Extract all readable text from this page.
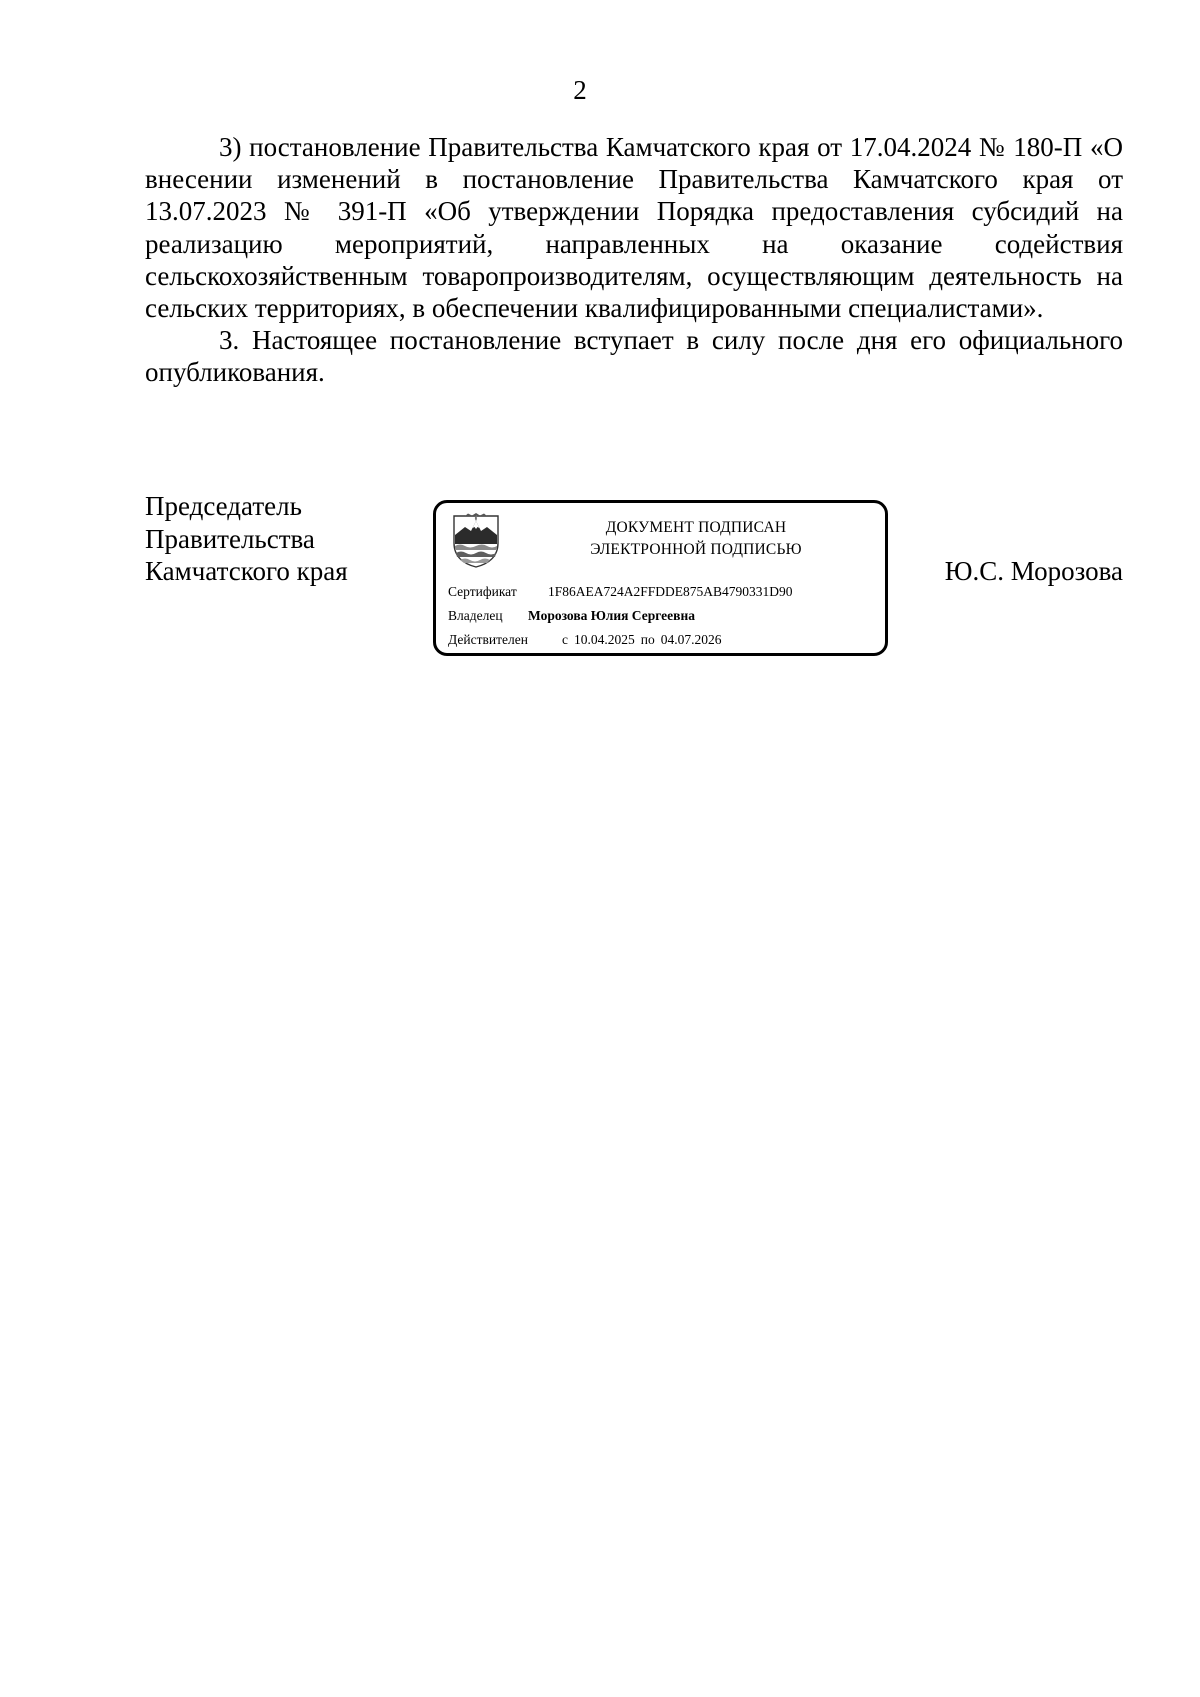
2

3) постановление Правительства Камчатского края от 17.04.2024 № 180-П «О внесении изменений в постановление Правительства Камчатского края от 13.07.2023 № 391-П «Об утверждении Порядка предоставления субсидий на реализацию мероприятий, направленных на оказание содействия сельскохозяйственным товаропроизводителям, осуществляющим деятельность на сельских территориях, в обеспечении квалифицированными специалистами».

3. Настоящее постановление вступает в силу после дня его официального опубликования.

Председатель
Правительства
Камчатского края	Ю.С. Морозова
ДОКУМЕНТ ПОДПИСАН
ЭЛЕКТРОННОЙ ПОДПИСЬЮ
Сертификат 1F86AEA724A2FFDDE875AB4790331D90
Владелец Морозова Юлия Сергеевна
Действителен	с 10.04.2025 по 04.07.2026
